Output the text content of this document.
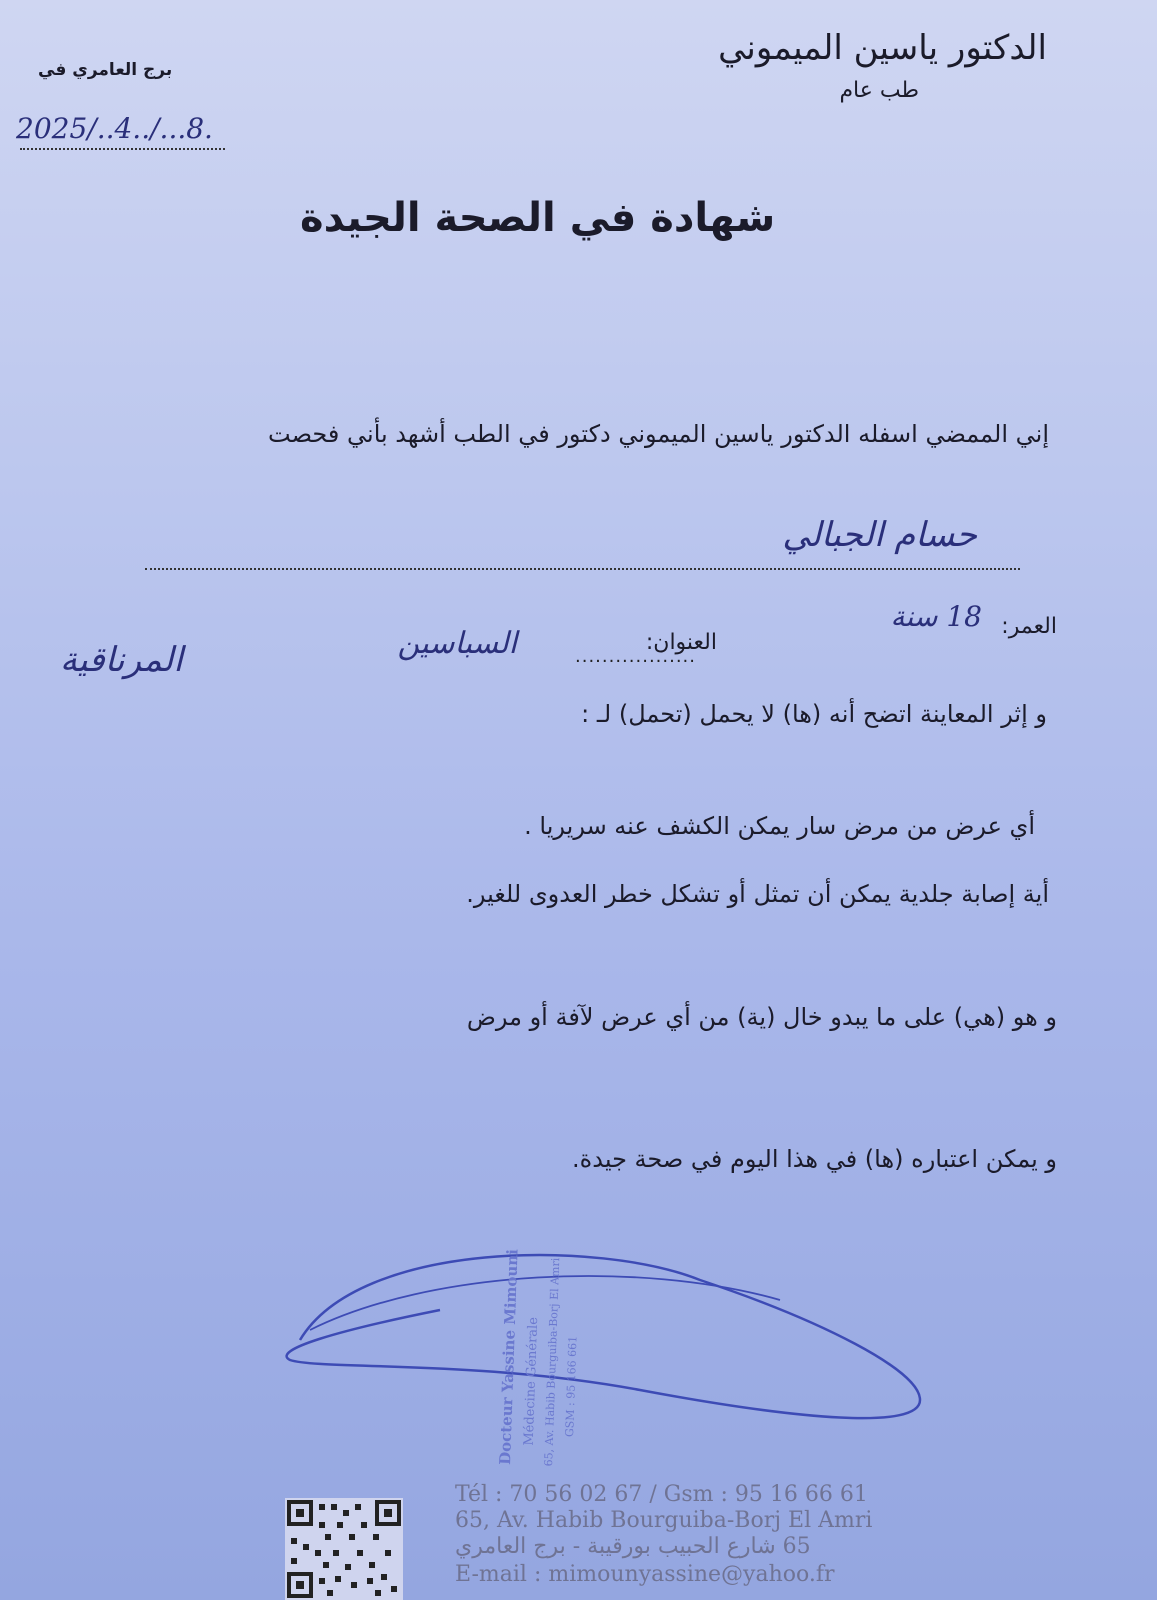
الدكتور ياسين الميموني
طب عام
برج العامري في
2025/..4../...8.
شهادة في الصحة الجيدة
إني الممضي اسفله الدكتور ياسين الميموني دكتور في الطب أشهد بأني فحصت
حسام الجبالي
العمر:
18 سنة
العنوان:
..................
السباسين
المرناقية
و إثر المعاينة اتضح أنه (ها) لا يحمل (تحمل) لـ :
أي عرض من مرض سار يمكن الكشف عنه سريريا .
أية إصابة جلدية يمكن أن تمثل أو تشكل خطر العدوى للغير.
و هو (هي) على ما يبدو خال (ية) من أي عرض لآفة أو مرض
و يمكن اعتباره (ها) في هذا اليوم في صحة جيدة.
Docteur Yassine Mimouni Médecine Générale 65, Av. Habib Bourguiba-Borj El Amri GSM : 95 166 661
Tél : 70 56 02 67 / Gsm : 95 16 66 61
65, Av. Habib Bourguiba-Borj El Amri
65 شارع الحبيب بورقيبة - برج العامري
E-mail : mimounyassine@yahoo.fr
